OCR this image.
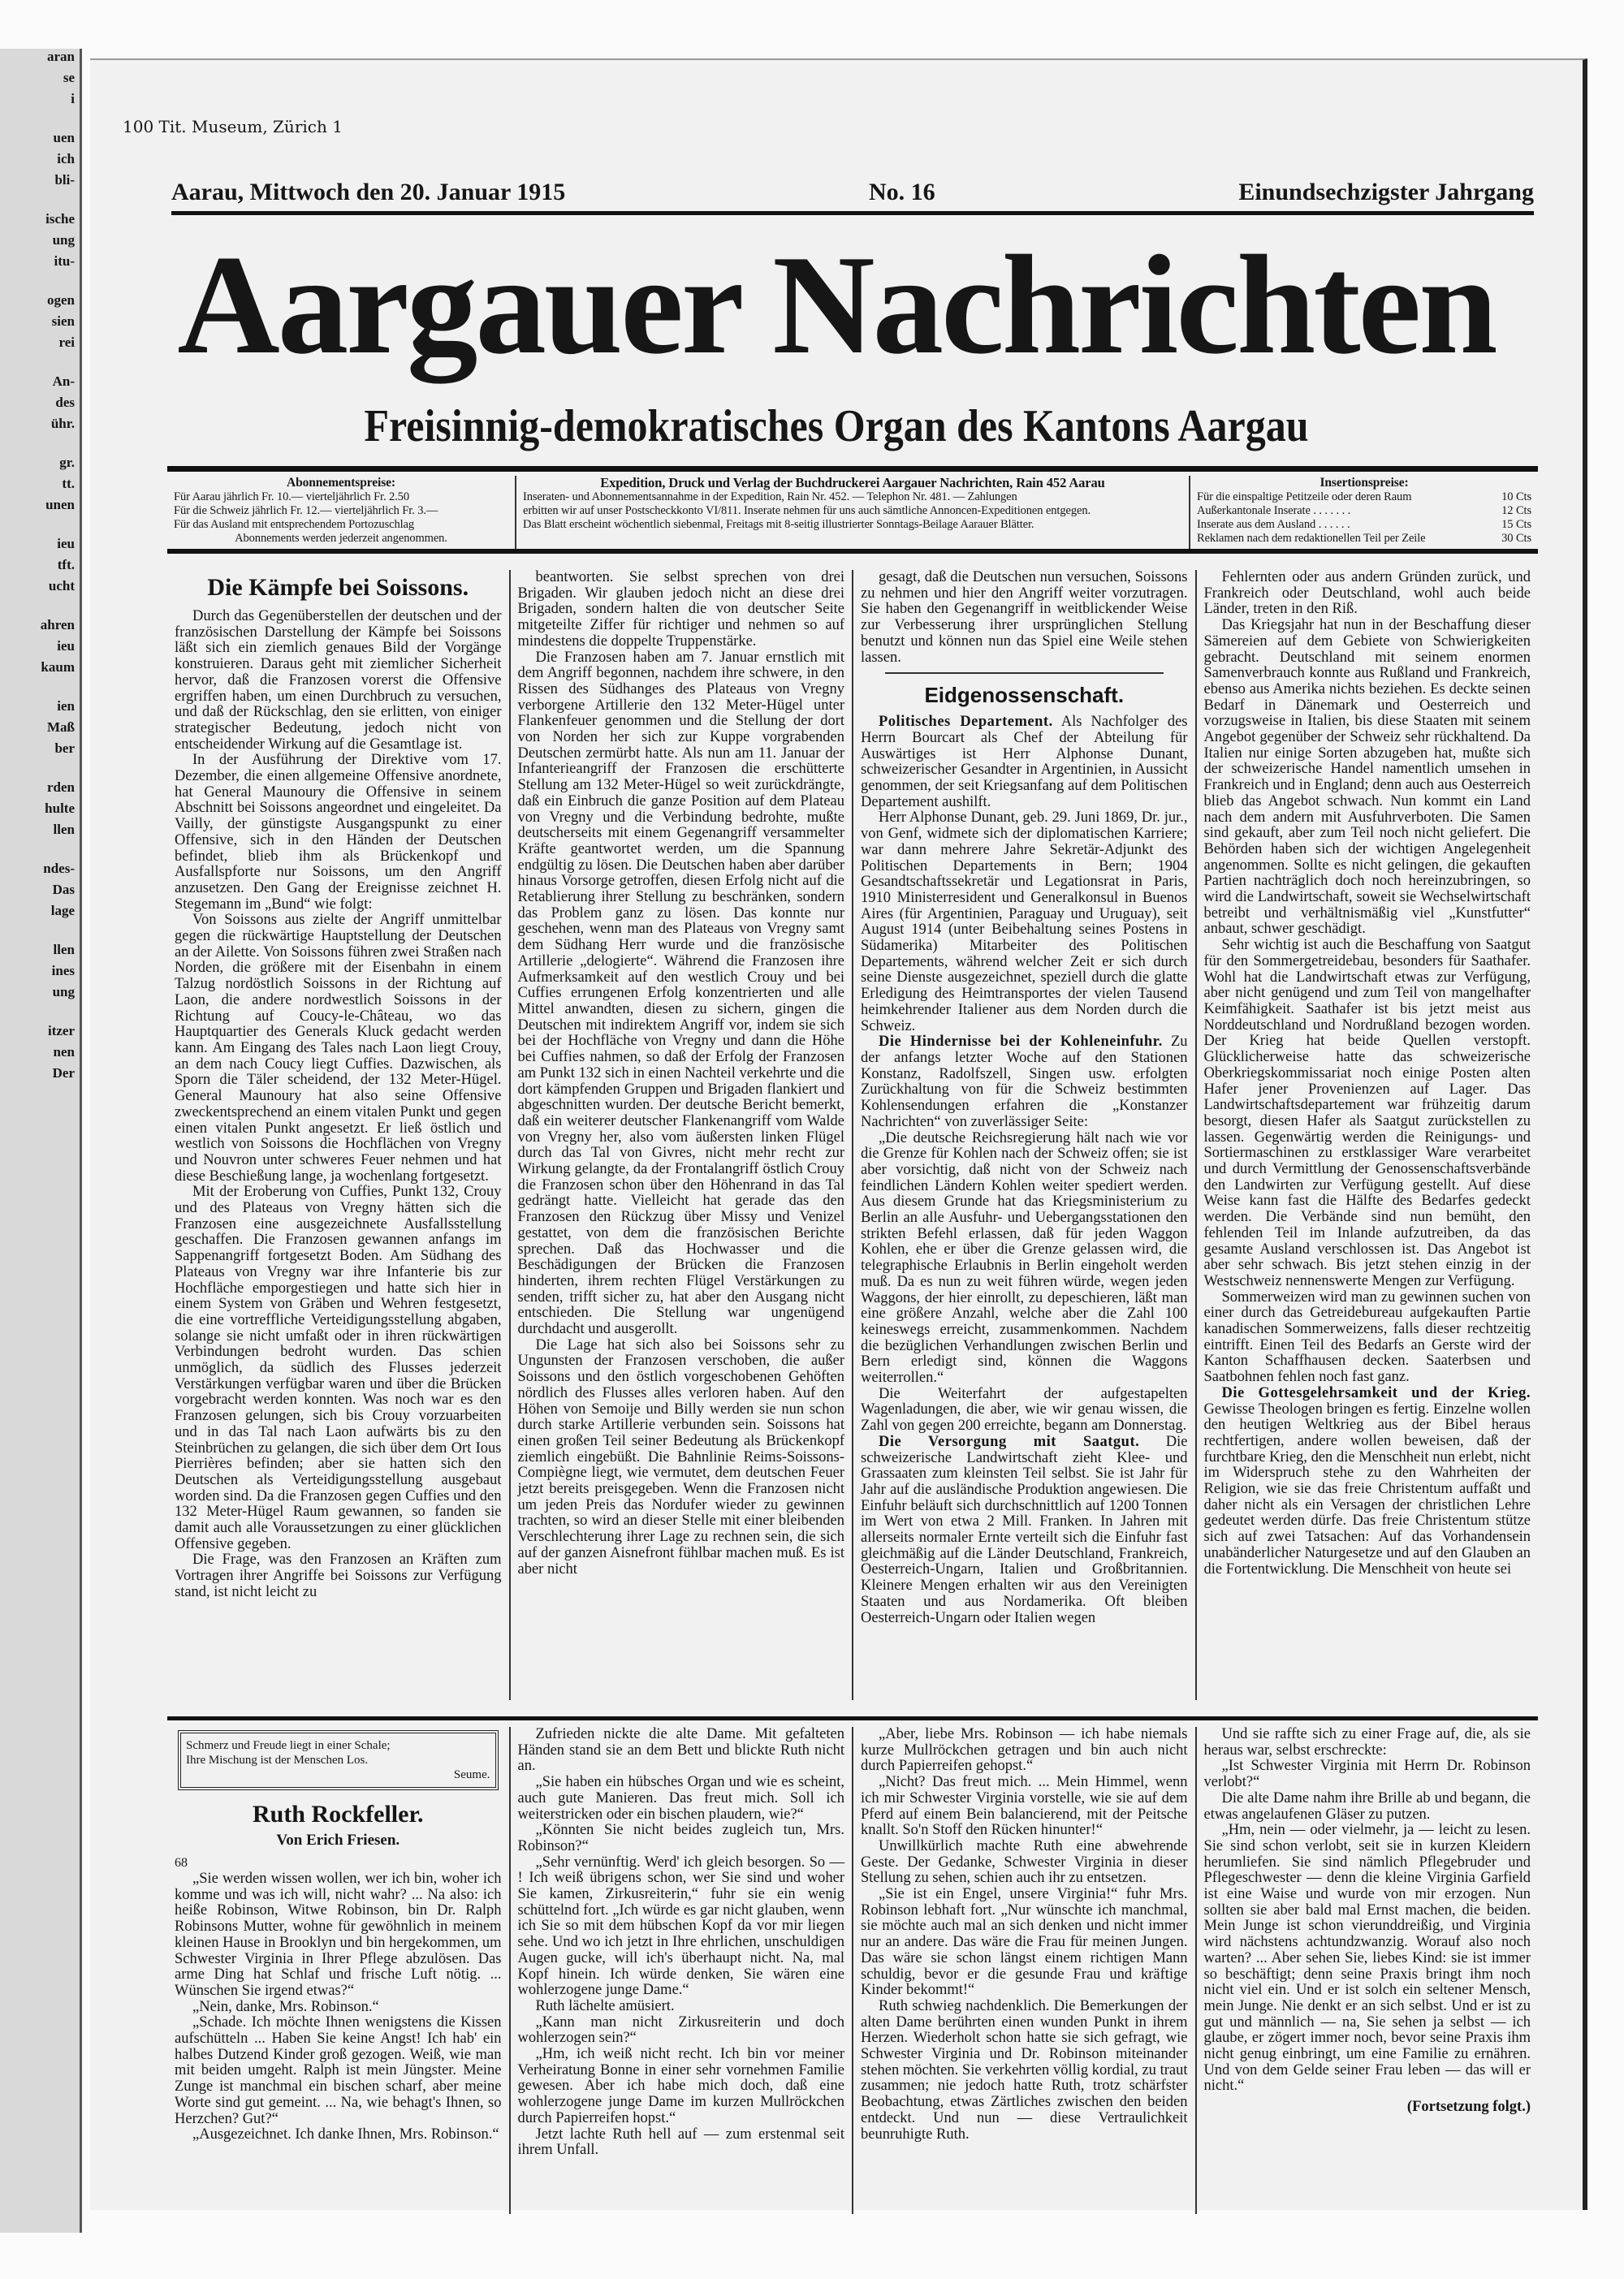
aran
se
i
uen
ich
bli-
ische
ung
itu-
ogen
sien
rei
An-
des
ühr.
gr.
tt.
unen
ieu
tft.
ucht
ahren
ieu
kaum
ien
Maß
ber
rden
hulte
llen
ndes-
Das
lage
llen
ines
ung
itzer
nen
Der
100 Tit. Museum, Zürich 1
Aarau, Mittwoch den 20. Januar 1915	No. 16	Einundsechzigster Jahrgang
Aargauer Nachrichten
Freisinnig-demokratisches Organ des Kantons Aargau
Abonnementspreise:
Für Aarau jährlich Fr. 10.— vierteljährlich Fr. 2.50
Für die Schweiz jährlich Fr. 12.— vierteljährlich Fr. 3.—
Für das Ausland mit entsprechendem Portozuschlag
Abonnements werden jederzeit angenommen.
Expedition, Druck und Verlag der Buchdruckerei Aargauer Nachrichten, Rain 452 Aarau
Inseraten- und Abonnementsannahme in der Expedition, Rain Nr. 452. — Telephon Nr. 481. — Zahlungen
erbitten wir auf unser Postscheckkonto VI/811. Inserate nehmen für uns auch sämtliche Annoncen-Expeditionen entgegen.
Das Blatt erscheint wöchentlich siebenmal, Freitags mit 8-seitig illustrierter Sonntags-Beilage Aarauer Blätter.
Insertionspreise:
Für die einspaltige Petitzeile oder deren Raum	10 Cts
Außerkantonale Inserate . . . . . . .	12 Cts
Inserate aus dem Ausland . . . . . .	15 Cts
Reklamen nach dem redaktionellen Teil per Zeile	30 Cts
Die Kämpfe bei Soissons.

Durch das Gegenüberstellen der deutschen und der französischen Darstellung der Kämpfe bei Soissons läßt sich ein ziemlich genaues Bild der Vorgänge konstruieren. Daraus geht mit ziemlicher Sicherheit hervor, daß die Franzosen vorerst die Offensive ergriffen haben, um einen Durchbruch zu versuchen, und daß der Rückschlag, den sie erlitten, von einiger strategischer Bedeutung, jedoch nicht von entscheidender Wirkung auf die Gesamtlage ist.

In der Ausführung der Direktive vom 17. Dezember, die einen allgemeine Offensive anordnete, hat General Maunoury die Offensive in seinem Abschnitt bei Soissons angeordnet und eingeleitet. Da Vailly, der günstigste Ausgangspunkt zu einer Offensive, sich in den Händen der Deutschen befindet, blieb ihm als Brückenkopf und Ausfallspforte nur Soissons, um den Angriff anzusetzen. Den Gang der Ereignisse zeichnet H. Stegemann im „Bund“ wie folgt:

Von Soissons aus zielte der Angriff unmittelbar gegen die rückwärtige Hauptstellung der Deutschen an der Ailette. Von Soissons führen zwei Straßen nach Norden, die größere mit der Eisenbahn in einem Talzug nordöstlich Soissons in der Richtung auf Laon, die andere nordwestlich Soissons in der Richtung auf Coucy-le-Château, wo das Hauptquartier des Generals Kluck gedacht werden kann. Am Eingang des Tales nach Laon liegt Crouy, an dem nach Coucy liegt Cuffies. Dazwischen, als Sporn die Täler scheidend, der 132 Meter-Hügel. General Maunoury hat also seine Offensive zweckentsprechend an einem vitalen Punkt und gegen einen vitalen Punkt angesetzt. Er ließ östlich und westlich von Soissons die Hochflächen von Vregny und Nouvron unter schweres Feuer nehmen und hat diese Beschießung lange, ja wochenlang fortgesetzt.

Mit der Eroberung von Cuffies, Punkt 132, Crouy und des Plateaus von Vregny hätten sich die Franzosen eine ausgezeichnete Ausfallsstellung geschaffen. Die Franzosen gewannen anfangs im Sappenangriff fortgesetzt Boden. Am Südhang des Plateaus von Vregny war ihre Infanterie bis zur Hochfläche emporgestiegen und hatte sich hier in einem System von Gräben und Wehren festgesetzt, die eine vortreffliche Verteidigungsstellung abgaben, solange sie nicht umfaßt oder in ihren rückwärtigen Verbindungen bedroht wurden. Das schien unmöglich, da südlich des Flusses jederzeit Verstärkungen verfügbar waren und über die Brücken vorgebracht werden konnten. Was noch war es den Franzosen gelungen, sich bis Crouy vorzuarbeiten und in das Tal nach Laon aufwärts bis zu den Steinbrüchen zu gelangen, die sich über dem Ort Ious Pierrières befinden; aber sie hatten sich den Deutschen als Verteidigungsstellung ausgebaut worden sind. Da die Franzosen gegen Cuffies und den 132 Meter-Hügel Raum gewannen, so fanden sie damit auch alle Voraussetzungen zu einer glücklichen Offensive gegeben.

Die Frage, was den Franzosen an Kräften zum Vortragen ihrer Angriffe bei Soissons zur Verfügung stand, ist nicht leicht zu

beantworten. Sie selbst sprechen von drei Brigaden. Wir glauben jedoch nicht an diese drei Brigaden, sondern halten die von deutscher Seite mitgeteilte Ziffer für richtiger und nehmen so auf mindestens die doppelte Truppenstärke.

Die Franzosen haben am 7. Januar ernstlich mit dem Angriff begonnen, nachdem ihre schwere, in den Rissen des Südhanges des Plateaus von Vregny verborgene Artillerie den 132 Meter-Hügel unter Flankenfeuer genommen und die Stellung der dort von Norden her sich zur Kuppe vorgrabenden Deutschen zermürbt hatte. Als nun am 11. Januar der Infanterieangriff der Franzosen die erschütterte Stellung am 132 Meter-Hügel so weit zurückdrängte, daß ein Einbruch die ganze Position auf dem Plateau von Vregny und die Verbindung bedrohte, mußte deutscherseits mit einem Gegenangriff versammelter Kräfte geantwortet werden, um die Spannung endgültig zu lösen. Die Deutschen haben aber darüber hinaus Vorsorge getroffen, diesen Erfolg nicht auf die Retablierung ihrer Stellung zu beschränken, sondern das Problem ganz zu lösen. Das konnte nur geschehen, wenn man des Plateaus von Vregny samt dem Südhang Herr wurde und die französische Artillerie „delogierte“. Während die Franzosen ihre Aufmerksamkeit auf den westlich Crouy und bei Cuffies errungenen Erfolg konzentrierten und alle Mittel anwandten, diesen zu sichern, gingen die Deutschen mit indirektem Angriff vor, indem sie sich bei der Hochfläche von Vregny und dann die Höhe bei Cuffies nahmen, so daß der Erfolg der Franzosen am Punkt 132 sich in einen Nachteil verkehrte und die dort kämpfenden Gruppen und Brigaden flankiert und abgeschnitten wurden. Der deutsche Bericht bemerkt, daß ein weiterer deutscher Flankenangriff vom Walde von Vregny her, also vom äußersten linken Flügel durch das Tal von Givres, nicht mehr recht zur Wirkung gelangte, da der Frontalangriff östlich Crouy die Franzosen schon über den Höhenrand in das Tal gedrängt hatte. Vielleicht hat gerade das den Franzosen den Rückzug über Missy und Venizel gestattet, von dem die französischen Berichte sprechen. Daß das Hochwasser und die Beschädigungen der Brücken die Franzosen hinderten, ihrem rechten Flügel Verstärkungen zu senden, trifft sicher zu, hat aber den Ausgang nicht entschieden. Die Stellung war ungenügend durchdacht und ausgerollt.

Die Lage hat sich also bei Soissons sehr zu Ungunsten der Franzosen verschoben, die außer Soissons und den östlich vorgeschobenen Gehöften nördlich des Flusses alles verloren haben. Auf den Höhen von Semoije und Billy werden sie nun schon durch starke Artillerie verbunden sein. Soissons hat einen großen Teil seiner Bedeutung als Brückenkopf ziemlich eingebüßt. Die Bahnlinie Reims-Soissons-Compiègne liegt, wie vermutet, dem deutschen Feuer jetzt bereits preisgegeben. Wenn die Franzosen nicht um jeden Preis das Nordufer wieder zu gewinnen trachten, so wird an dieser Stelle mit einer bleibenden Verschlechterung ihrer Lage zu rechnen sein, die sich auf der ganzen Aisnefront fühlbar machen muß. Es ist aber nicht

gesagt, daß die Deutschen nun versuchen, Soissons zu nehmen und hier den Angriff weiter vorzutragen. Sie haben den Gegenangriff in weitblickender Weise zur Verbesserung ihrer ursprünglichen Stellung benutzt und können nun das Spiel eine Weile stehen lassen.

Eidgenossenschaft.

Politisches Departement. Als Nachfolger des Herrn Bourcart als Chef der Abteilung für Auswärtiges ist Herr Alphonse Dunant, schweizerischer Gesandter in Argentinien, in Aussicht genommen, der seit Kriegsanfang auf dem Politischen Departement aushilft.

Herr Alphonse Dunant, geb. 29. Juni 1869, Dr. jur., von Genf, widmete sich der diplomatischen Karriere; war dann mehrere Jahre Sekretär-Adjunkt des Politischen Departements in Bern; 1904 Gesandtschaftssekretär und Legationsrat in Paris, 1910 Ministerresident und Generalkonsul in Buenos Aires (für Argentinien, Paraguay und Uruguay), seit August 1914 (unter Beibehaltung seines Postens in Südamerika) Mitarbeiter des Politischen Departements, während welcher Zeit er sich durch seine Dienste ausgezeichnet, speziell durch die glatte Erledigung des Heimtransportes der vielen Tausend heimkehrender Italiener aus dem Norden durch die Schweiz.

Die Hindernisse bei der Kohleneinfuhr. Zu der anfangs letzter Woche auf den Stationen Konstanz, Radolfszell, Singen usw. erfolgten Zurückhaltung von für die Schweiz bestimmten Kohlensendungen erfahren die „Konstanzer Nachrichten“ von zuverlässiger Seite:

„Die deutsche Reichsregierung hält nach wie vor die Grenze für Kohlen nach der Schweiz offen; sie ist aber vorsichtig, daß nicht von der Schweiz nach feindlichen Ländern Kohlen weiter spediert werden. Aus diesem Grunde hat das Kriegsministerium zu Berlin an alle Ausfuhr- und Uebergangsstationen den strikten Befehl erlassen, daß für jeden Waggon Kohlen, ehe er über die Grenze gelassen wird, die telegraphische Erlaubnis in Berlin eingeholt werden muß. Da es nun zu weit führen würde, wegen jeden Waggons, der hier einrollt, zu depeschieren, läßt man eine größere Anzahl, welche aber die Zahl 100 keineswegs erreicht, zusammenkommen. Nachdem die bezüglichen Verhandlungen zwischen Berlin und Bern erledigt sind, können die Waggons weiterrollen.“

Die Weiterfahrt der aufgestapelten Wagenladungen, die aber, wie wir genau wissen, die Zahl von gegen 200 erreichte, begann am Donnerstag.

Die Versorgung mit Saatgut. Die schweizerische Landwirtschaft zieht Klee- und Grassaaten zum kleinsten Teil selbst. Sie ist Jahr für Jahr auf die ausländische Produktion angewiesen. Die Einfuhr beläuft sich durchschnittlich auf 1200 Tonnen im Wert von etwa 2 Mill. Franken. In Jahren mit allerseits normaler Ernte verteilt sich die Einfuhr fast gleichmäßig auf die Länder Deutschland, Frankreich, Oesterreich-Ungarn, Italien und Großbritannien. Kleinere Mengen erhalten wir aus den Vereinigten Staaten und aus Nordamerika. Oft bleiben Oesterreich-Ungarn oder Italien wegen

Fehlernten oder aus andern Gründen zurück, und Frankreich oder Deutschland, wohl auch beide Länder, treten in den Riß.

Das Kriegsjahr hat nun in der Beschaffung dieser Sämereien auf dem Gebiete von Schwierigkeiten gebracht. Deutschland mit seinem enormen Samenverbrauch konnte aus Rußland und Frankreich, ebenso aus Amerika nichts beziehen. Es deckte seinen Bedarf in Dänemark und Oesterreich und vorzugsweise in Italien, bis diese Staaten mit seinem Angebot gegenüber der Schweiz sehr rückhaltend. Da Italien nur einige Sorten abzugeben hat, mußte sich der schweizerische Handel namentlich umsehen in Frankreich und in England; denn auch aus Oesterreich blieb das Angebot schwach. Nun kommt ein Land nach dem andern mit Ausfuhrverboten. Die Samen sind gekauft, aber zum Teil noch nicht geliefert. Die Behörden haben sich der wichtigen Angelegenheit angenommen. Sollte es nicht gelingen, die gekauften Partien nachträglich doch noch hereinzubringen, so wird die Landwirtschaft, soweit sie Wechselwirtschaft betreibt und verhältnismäßig viel „Kunstfutter“ anbaut, schwer geschädigt.

Sehr wichtig ist auch die Beschaffung von Saatgut für den Sommergetreidebau, besonders für Saathafer. Wohl hat die Landwirtschaft etwas zur Verfügung, aber nicht genügend und zum Teil von mangelhafter Keimfähigkeit. Saathafer ist bis jetzt meist aus Norddeutschland und Nordrußland bezogen worden. Der Krieg hat beide Quellen verstopft. Glücklicherweise hatte das schweizerische Oberkriegskommissariat noch einige Posten alten Hafer jener Provenienzen auf Lager. Das Landwirtschaftsdepartement war frühzeitig darum besorgt, diesen Hafer als Saatgut zurückstellen zu lassen. Gegenwärtig werden die Reinigungs- und Sortiermaschinen zu erstklassiger Ware verarbeitet und durch Vermittlung der Genossenschaftsverbände den Landwirten zur Verfügung gestellt. Auf diese Weise kann fast die Hälfte des Bedarfes gedeckt werden. Die Verbände sind nun bemüht, den fehlenden Teil im Inlande aufzutreiben, da das gesamte Ausland verschlossen ist. Das Angebot ist aber sehr schwach. Bis jetzt stehen einzig in der Westschweiz nennenswerte Mengen zur Verfügung.

Sommerweizen wird man zu gewinnen suchen von einer durch das Getreidebureau aufgekauften Partie kanadischen Sommerweizens, falls dieser rechtzeitig eintrifft. Einen Teil des Bedarfs an Gerste wird der Kanton Schaffhausen decken. Saaterbsen und Saatbohnen fehlen noch fast ganz.

Die Gottesgelehrsamkeit und der Krieg. Gewisse Theologen bringen es fertig. Einzelne wollen den heutigen Weltkrieg aus der Bibel heraus rechtfertigen, andere wollen beweisen, daß der furchtbare Krieg, den die Menschheit nun erlebt, nicht im Widerspruch stehe zu den Wahrheiten der Religion, wie sie das freie Christentum auffaßt und daher nicht als ein Versagen der christlichen Lehre gedeutet werden dürfe. Das freie Christentum stütze sich auf zwei Tatsachen: Auf das Vorhandensein unabänderlicher Naturgesetze und auf den Glauben an die Fortentwicklung. Die Menschheit von heute sei

Schmerz und Freude liegt in einer Schale;
Ihre Mischung ist der Menschen Los.
Seume.
Ruth Rockfeller.
Von Erich Friesen.
68

„Sie werden wissen wollen, wer ich bin, woher ich komme und was ich will, nicht wahr? ... Na also: ich heiße Robinson, Witwe Robinson, bin Dr. Ralph Robinsons Mutter, wohne für gewöhnlich in meinem kleinen Hause in Brooklyn und bin hergekommen, um Schwester Virginia in Ihrer Pflege abzulösen. Das arme Ding hat Schlaf und frische Luft nötig. ... Wünschen Sie irgend etwas?“

„Nein, danke, Mrs. Robinson.“

„Schade. Ich möchte Ihnen wenigstens die Kissen aufschütteln ... Haben Sie keine Angst! Ich hab' ein halbes Dutzend Kinder groß gezogen. Weiß, wie man mit beiden umgeht. Ralph ist mein Jüngster. Meine Zunge ist manchmal ein bischen scharf, aber meine Worte sind gut gemeint. ... Na, wie behagt's Ihnen, so Herzchen? Gut?“

„Ausgezeichnet. Ich danke Ihnen, Mrs. Robinson.“

Zufrieden nickte die alte Dame. Mit gefalteten Händen stand sie an dem Bett und blickte Ruth nicht an.

„Sie haben ein hübsches Organ und wie es scheint, auch gute Manieren. Das freut mich. Soll ich weiterstricken oder ein bischen plaudern, wie?“

„Könnten Sie nicht beides zugleich tun, Mrs. Robinson?“

„Sehr vernünftig. Werd' ich gleich besorgen. So — ! Ich weiß übrigens schon, wer Sie sind und woher Sie kamen, Zirkusreiterin,“ fuhr sie ein wenig schüttelnd fort. „Ich würde es gar nicht glauben, wenn ich Sie so mit dem hübschen Kopf da vor mir liegen sehe. Und wo ich jetzt in Ihre ehrlichen, unschuldigen Augen gucke, will ich's überhaupt nicht. Na, mal Kopf hinein. Ich würde denken, Sie wären eine wohlerzogene junge Dame.“

Ruth lächelte amüsiert.

„Kann man nicht Zirkusreiterin und doch wohlerzogen sein?“

„Hm, ich weiß nicht recht. Ich bin vor meiner Verheiratung Bonne in einer sehr vornehmen Familie gewesen. Aber ich habe mich doch, daß eine wohlerzogene junge Dame im kurzen Mullröckchen durch Papierreifen hopst.“

Jetzt lachte Ruth hell auf — zum erstenmal seit ihrem Unfall.

„Aber, liebe Mrs. Robinson — ich habe niemals kurze Mullröckchen getragen und bin auch nicht durch Papierreifen gehopst.“

„Nicht? Das freut mich. ... Mein Himmel, wenn ich mir Schwester Virginia vorstelle, wie sie auf dem Pferd auf einem Bein balancierend, mit der Peitsche knallt. So'n Stoff den Rücken hinunter!“

Unwillkürlich machte Ruth eine abwehrende Geste. Der Gedanke, Schwester Virginia in dieser Stellung zu sehen, schien auch ihr zu entsetzen.

„Sie ist ein Engel, unsere Virginia!“ fuhr Mrs. Robinson lebhaft fort. „Nur wünschte ich manchmal, sie möchte auch mal an sich denken und nicht immer nur an andere. Das wäre die Frau für meinen Jungen. Das wäre sie schon längst einem richtigen Mann schuldig, bevor er die gesunde Frau und kräftige Kinder bekommt!“

Ruth schwieg nachdenklich. Die Bemerkungen der alten Dame berührten einen wunden Punkt in ihrem Herzen. Wiederholt schon hatte sie sich gefragt, wie Schwester Virginia und Dr. Robinson miteinander stehen möchten. Sie verkehrten völlig kordial, zu traut zusammen; nie jedoch hatte Ruth, trotz schärfster Beobachtung, etwas Zärtliches zwischen den beiden entdeckt. Und nun — diese Vertraulichkeit beunruhigte Ruth.

Und sie raffte sich zu einer Frage auf, die, als sie heraus war, selbst erschreckte:

„Ist Schwester Virginia mit Herrn Dr. Robinson verlobt?“

Die alte Dame nahm ihre Brille ab und begann, die etwas angelaufenen Gläser zu putzen.

„Hm, nein — oder vielmehr, ja — leicht zu lesen. Sie sind schon verlobt, seit sie in kurzen Kleidern herumliefen. Sie sind nämlich Pflegebruder und Pflegeschwester — denn die kleine Virginia Garfield ist eine Waise und wurde von mir erzogen. Nun sollten sie aber bald mal Ernst machen, die beiden. Mein Junge ist schon vierunddreißig, und Virginia wird nächstens achtundzwanzig. Worauf also noch warten? ... Aber sehen Sie, liebes Kind: sie ist immer so beschäftigt; denn seine Praxis bringt ihm noch nicht viel ein. Und er ist solch ein seltener Mensch, mein Junge. Nie denkt er an sich selbst. Und er ist zu gut und männlich — na, Sie sehen ja selbst — ich glaube, er zögert immer noch, bevor seine Praxis ihm nicht genug einbringt, um eine Familie zu ernähren. Und von dem Gelde seiner Frau leben — das will er nicht.“

(Fortsetzung folgt.)
